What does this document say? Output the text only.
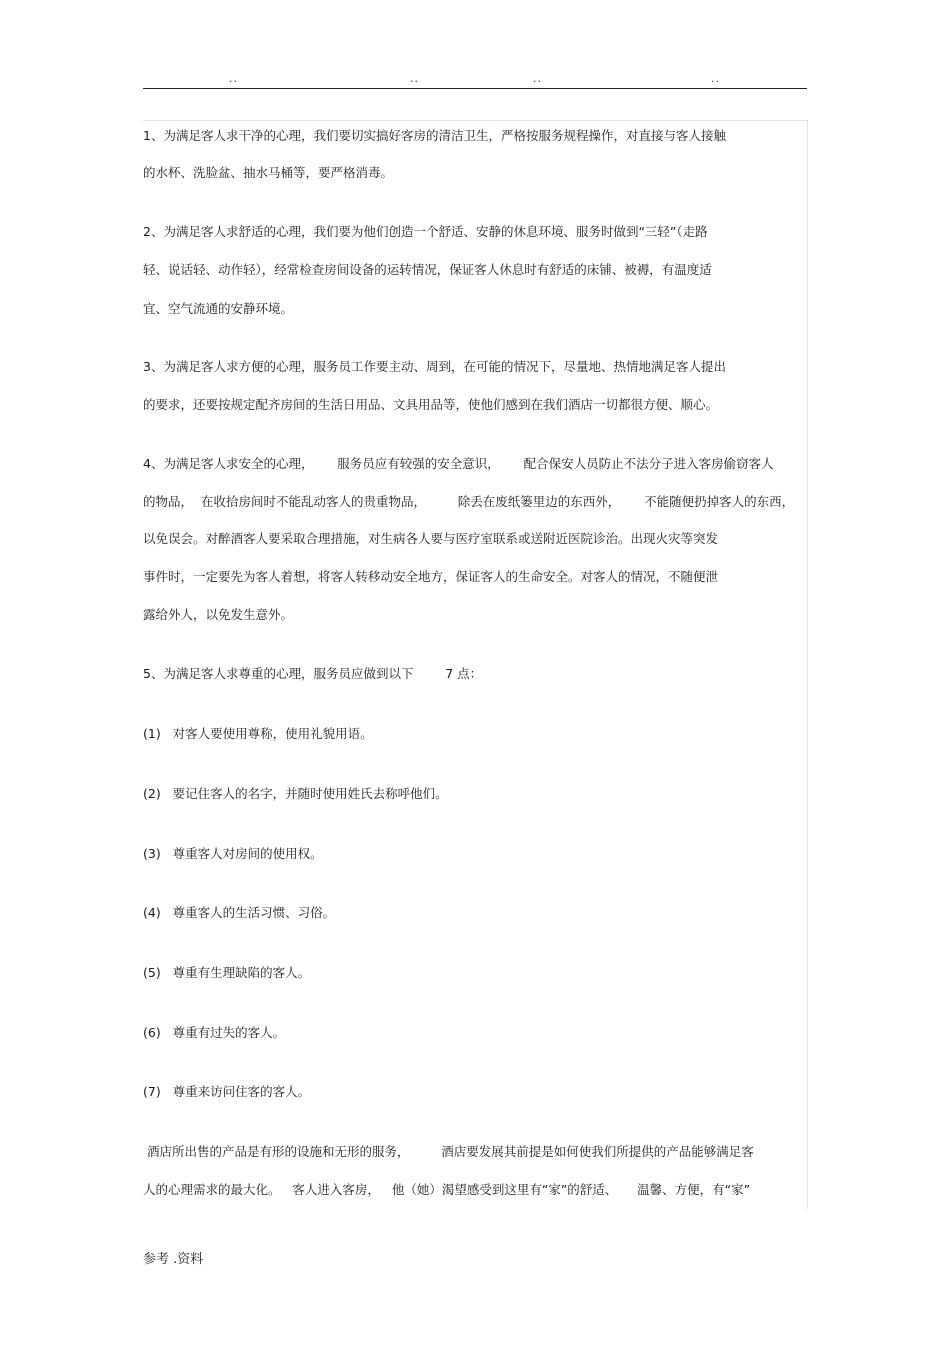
..	..	..	..
1、为满足客人求干净的心理，我们要切实搞好客房的清洁卫生，严格按服务规程操作，对直接与客人接触
的水杯、洗脸盆、抽水马桶等，要严格消毒。
2、为满足客人求舒适的心理，我们要为他们创造一个舒适、安静的休息环境、服务时做到“三轻”（走路
轻、说话轻、动作轻），经常检查房间设备的运转情况，保证客人休息时有舒适的床铺、被褥，有温度适
宜、空气流通的安静环境。
3、为满足客人求方便的心理，服务员工作要主动、周到，在可能的情况下，尽量地、热情地满足客人提出
的要求，还要按规定配齐房间的生活日用品、文具用品等，使他们感到在我们酒店一切都很方便、顺心。
4、为满足客人求安全的心理，      服务员应有较强的安全意识，      配合保安人员防止不法分子进入客房偷窃客人
的物品，  在收拾房间时不能乱动客人的贵重物品，        除丢在废纸篓里边的东西外，      不能随便扔掉客人的东西，
以免误会。对醉酒客人要采取合理措施，对生病各人要与医疗室联系或送附近医院诊治。出现火灾等突发
事件时，一定要先为客人着想，将客人转移动安全地方，保证客人的生命安全。对客人的情况，不随便泄
露给外人，以免发生意外。
5、为满足客人求尊重的心理，服务员应做到以下        7 点：
(1)   对客人要使用尊称，使用礼貌用语。
(2)   要记住客人的名字，并随时使用姓氏去称呼他们。
(3)   尊重客人对房间的使用权。
(4)   尊重客人的生活习惯、习俗。
(5)   尊重有生理缺陷的客人。
(6)   尊重有过失的客人。
(7)   尊重来访问住客的客人。
酒店所出售的产品是有形的设施和无形的服务，        酒店要发展其前提是如何使我们所提供的产品能够满足客
人的心理需求的最大化。   客人进入客房，   他（她）渴望感受到这里有“家”的舒适、     温馨、方便，有“家”
参考 .资料
